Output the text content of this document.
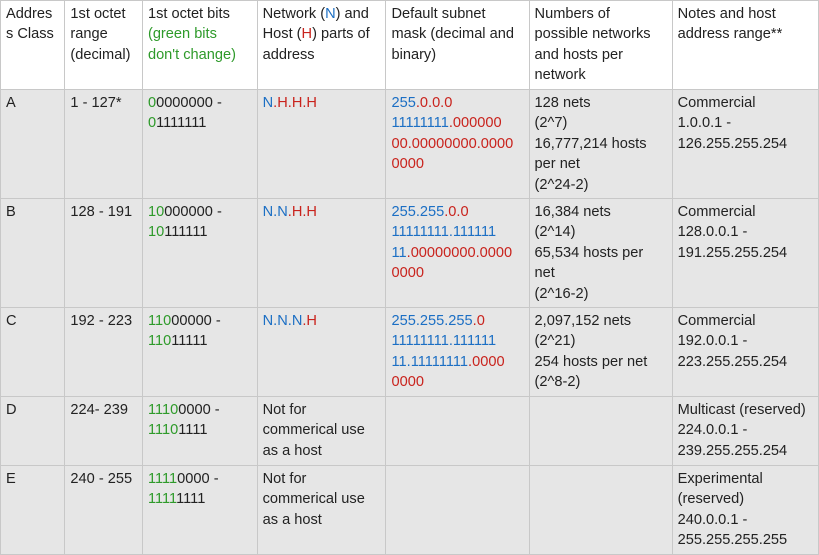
Address Class	1st octet range (decimal)	1st octet bits (green bits don't change)	Network (N) and Host (H) parts of address	Default subnet mask (decimal and binary)	Numbers of possible networks and hosts per network	Notes and host address range**
A	1 - 127*	00000000 -
01111111	N.H.H.H	255.0.0.0
11111111.000000
00.00000000.0000
0000	128 nets
(2^7)
16,777,214 hosts per net
(2^24-2)	Commercial
1.0.0.1 -
126.255.255.254

B	128 - 191	10000000 -
10111111	N.N.H.H	255.255.0.0
11111111.111111
11.00000000.0000
0000	16,384 nets
(2^14)
65,534 hosts per net
(2^16-2)	Commercial
128.0.0.1 -
191.255.255.254

C	192 - 223	11000000 -
11011111	N.N.N.H	255.255.255.0
11111111.111111
11.11111111.0000
0000	2,097,152 nets
(2^21)
254 hosts per net
(2^8-2)	Commercial
192.0.0.1 -
223.255.255.254

D	224- 239	11100000 -
11101111	Not for commerical use as a host			Multicast (reserved)
224.0.0.1 -
239.255.255.254

E	240 - 255	11110000 -
11111111	Not for commerical use as a host			Experimental (reserved)
240.0.0.1 -
255.255.255.255
